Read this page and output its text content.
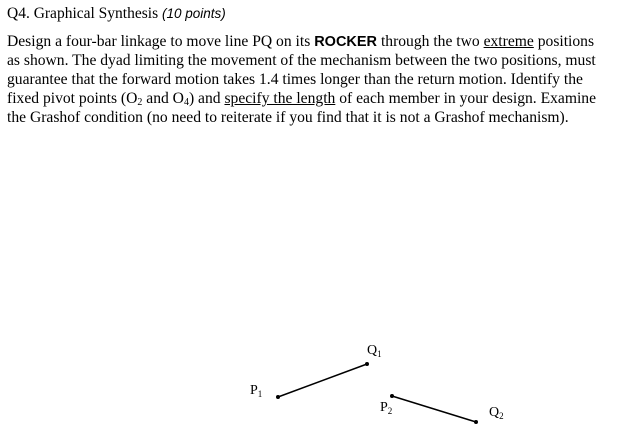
Q4. Graphical Synthesis (10 points)
Design a four-bar linkage to move line PQ on its ROCKER through the two extreme positions
as shown. The dyad limiting the movement of the mechanism between the two positions, must
guarantee that the forward motion takes 1.4 times longer than the return motion. Identify the
fixed pivot points ($O_2$ and $O_4$) and specify the length of each member in your design. Examine
the Grashof condition (no need to reiterate if you find that it is not a Grashof mechanism).
$P_1$
$Q_1$
$P_2$	$Q_2$
